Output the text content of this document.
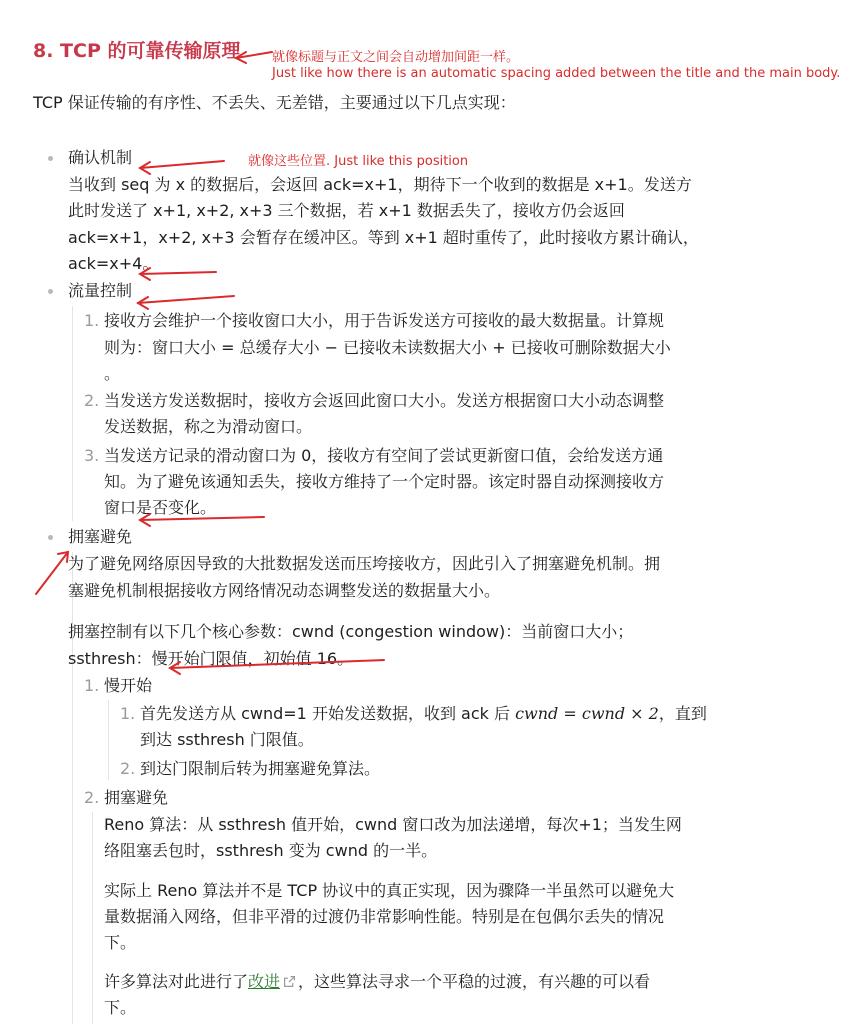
8. TCP 的可靠传输原理 就像标题与正文之间会自动增加间距一样。
Just like how there is an automatic spacing added between the title and the main body.
TCP 保证传输的有序性、不丢失、无差错，主要通过以下几点实现：
确认机制	就像这些位置. Just like this position
当收到 seq 为 x 的数据后，会返回 ack=x+1，期待下一个收到的数据是 x+1。发送方
此时发送了 x+1, x+2, x+3 三个数据，若 x+1 数据丢失了，接收方仍会返回
ack=x+1，x+2, x+3 会暂存在缓冲区。等到 x+1 超时重传了，此时接收方累计确认，
ack=x+4。
流量控制
1. 接收方会维护一个接收窗口大小，用于告诉发送方可接收的最大数据量。计算规
则为：窗口大小 = 总缓存大小 − 已接收未读数据大小 + 已接收可删除数据大小
。
2. 当发送方发送数据时，接收方会返回此窗口大小。发送方根据窗口大小动态调整
发送数据，称之为滑动窗口。
3. 当发送方记录的滑动窗口为 0，接收方有空间了尝试更新窗口值，会给发送方通
知。为了避免该通知丢失，接收方维持了一个定时器。该定时器自动探测接收方
窗口是否变化。
拥塞避免
为了避免网络原因导致的大批数据发送而压垮接收方，因此引入了拥塞避免机制。拥
塞避免机制根据接收方网络情况动态调整发送的数据量大小。
拥塞控制有以下几个核心参数：cwnd (congestion window)：当前窗口大小；
ssthresh：慢开始门限值，初始值 16。
1. 慢开始
1. 首先发送方从 cwnd=1 开始发送数据，收到 ack 后 cwnd = cwnd × 2，直到
到达 ssthresh 门限值。
2. 到达门限制后转为拥塞避免算法。
2. 拥塞避免
Reno 算法：从 ssthresh 值开始，cwnd 窗口改为加法递增，每次+1；当发生网
络阻塞丢包时，ssthresh 变为 cwnd 的一半。
实际上 Reno 算法并不是 TCP 协议中的真正实现，因为骤降一半虽然可以避免大
量数据涌入网络，但非平滑的过渡仍非常影响性能。特别是在包偶尔丢失的情况
下。
许多算法对此进行了改进 ，这些算法寻求一个平稳的过渡，有兴趣的可以看
下。
